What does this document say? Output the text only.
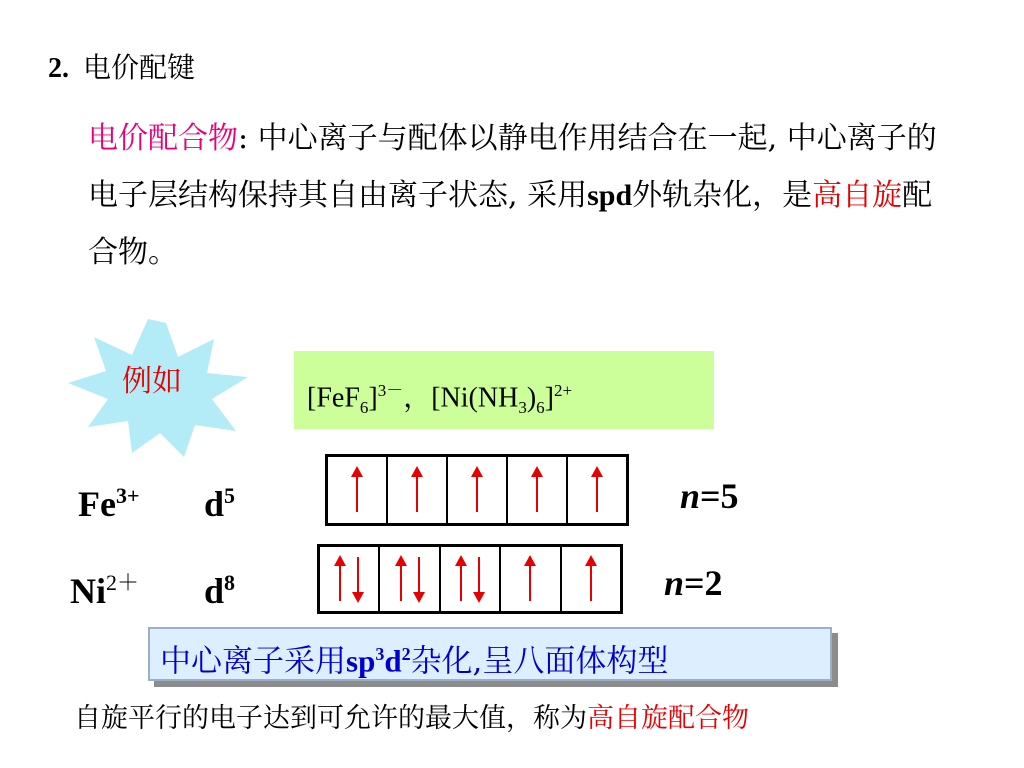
2. 电价配键
电价配合物: 中心离子与配体以静电作用结合在一起, 中心离子的电子层结构保持其自由离子状态, 采用spd外轨杂化，是高自旋配合物。
例如	$[FeF_6]^{3-}$，$[Ni(NH_3)_6]^{2+}$
$Fe^{3+}$ $d^5$	n=5
$Ni^{2+}$ $d^8$	n=2
中心离子采用$sp^3d^2$杂化,呈八面体构型
自旋平行的电子达到可允许的最大值，称为高自旋配合物
